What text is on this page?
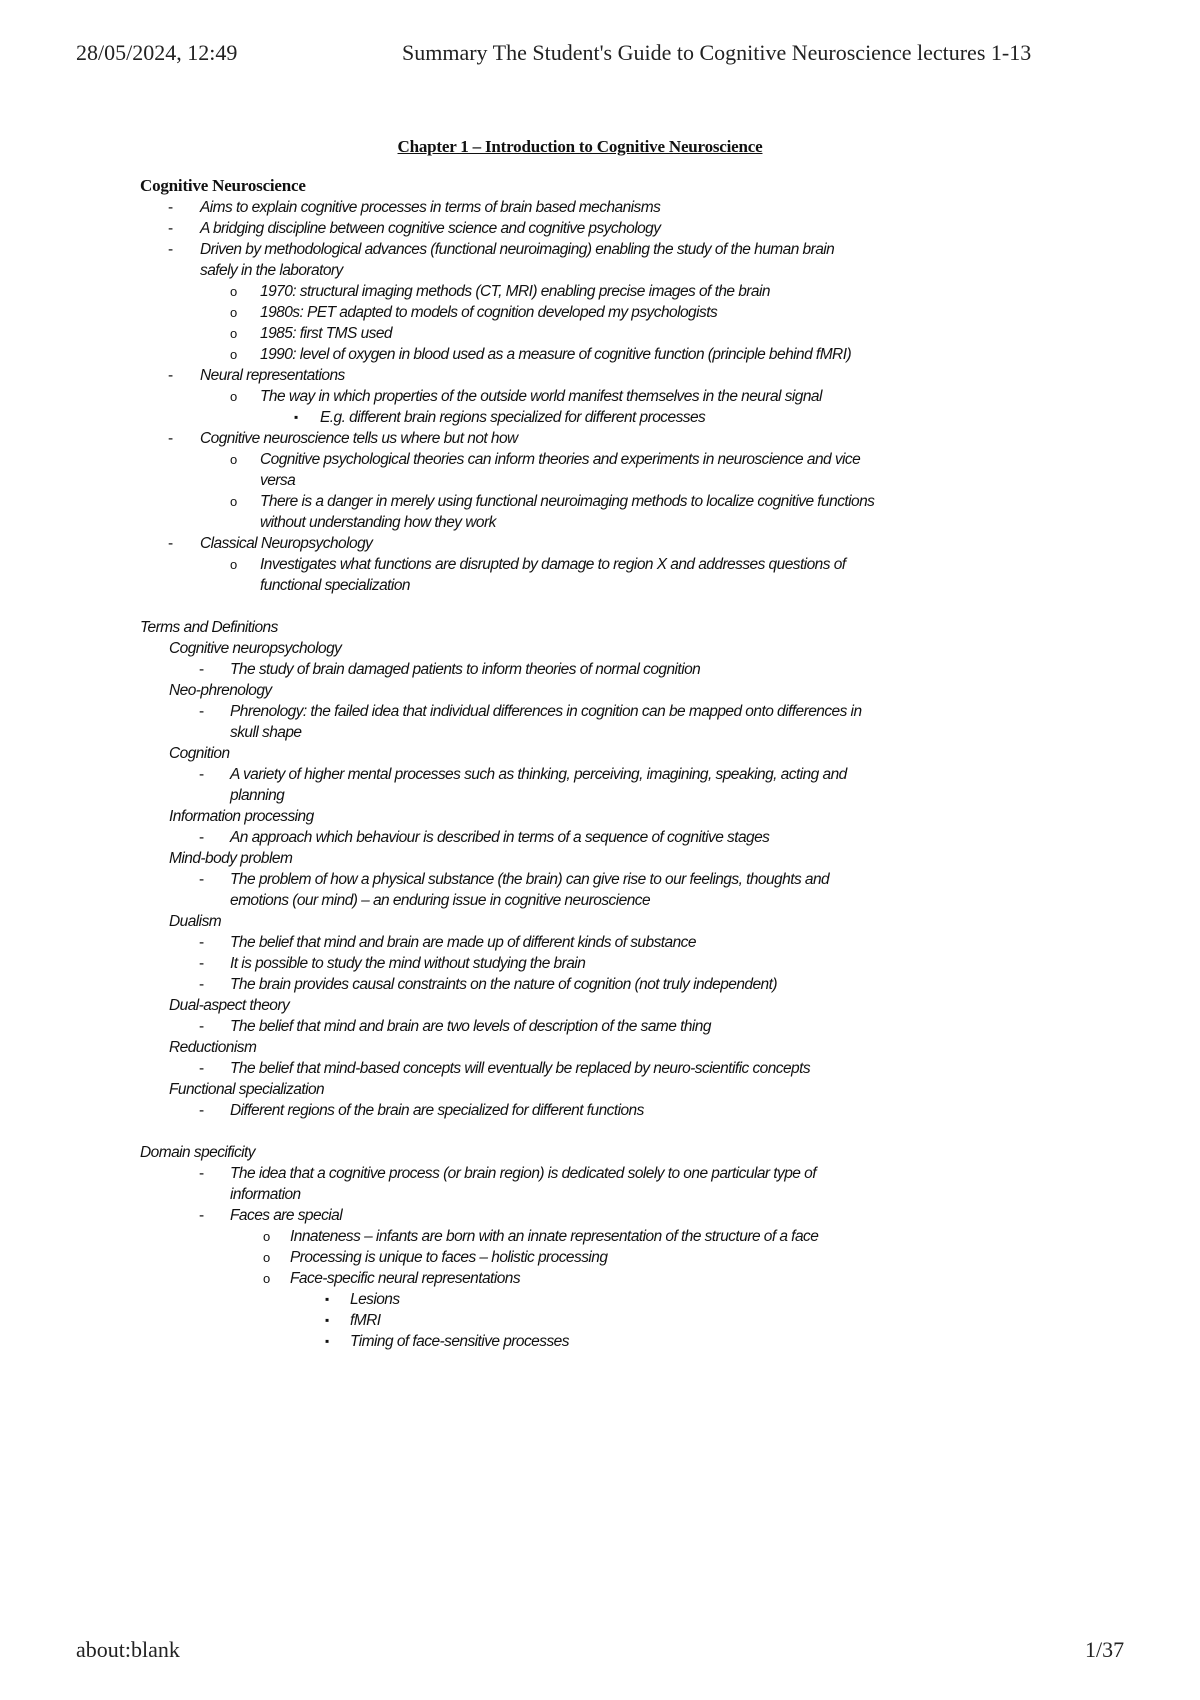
28/05/2024, 12:49	Summary The Student's Guide to Cognitive Neuroscience lectures 1-13
Chapter 1 – Introduction to Cognitive Neuroscience
Cognitive Neuroscience
- Aims to explain cognitive processes in terms of brain based mechanisms
- A bridging discipline between cognitive science and cognitive psychology
- Driven by methodological advances (functional neuroimaging) enabling the study of the human brain
safely in the laboratory
o 1970: structural imaging methods (CT, MRI) enabling precise images of the brain
o 1980s: PET adapted to models of cognition developed my psychologists
o 1985: first TMS used
o 1990: level of oxygen in blood used as a measure of cognitive function (principle behind fMRI)
- Neural representations
o The way in which properties of the outside world manifest themselves in the neural signal
▪ E.g. different brain regions specialized for different processes
- Cognitive neuroscience tells us where but not how
o Cognitive psychological theories can inform theories and experiments in neuroscience and vice
versa
o There is a danger in merely using functional neuroimaging methods to localize cognitive functions
without understanding how they work
- Classical Neuropsychology
o Investigates what functions are disrupted by damage to region X and addresses questions of
functional specialization
Terms and Definitions
Cognitive neuropsychology
- The study of brain damaged patients to inform theories of normal cognition
Neo-phrenology
- Phrenology: the failed idea that individual differences in cognition can be mapped onto differences in
skull shape
Cognition
- A variety of higher mental processes such as thinking, perceiving, imagining, speaking, acting and
planning
Information processing
- An approach which behaviour is described in terms of a sequence of cognitive stages
Mind-body problem
- The problem of how a physical substance (the brain) can give rise to our feelings, thoughts and
emotions (our mind) – an enduring issue in cognitive neuroscience
Dualism
- The belief that mind and brain are made up of different kinds of substance
- It is possible to study the mind without studying the brain
- The brain provides causal constraints on the nature of cognition (not truly independent)
Dual-aspect theory
- The belief that mind and brain are two levels of description of the same thing
Reductionism
- The belief that mind-based concepts will eventually be replaced by neuro-scientific concepts
Functional specialization
- Different regions of the brain are specialized for different functions
Domain specificity
- The idea that a cognitive process (or brain region) is dedicated solely to one particular type of
information
- Faces are special
o Innateness – infants are born with an innate representation of the structure of a face
o Processing is unique to faces – holistic processing
o Face-specific neural representations
▪ Lesions
▪ fMRI
▪ Timing of face-sensitive processes
about:blank	1/37
